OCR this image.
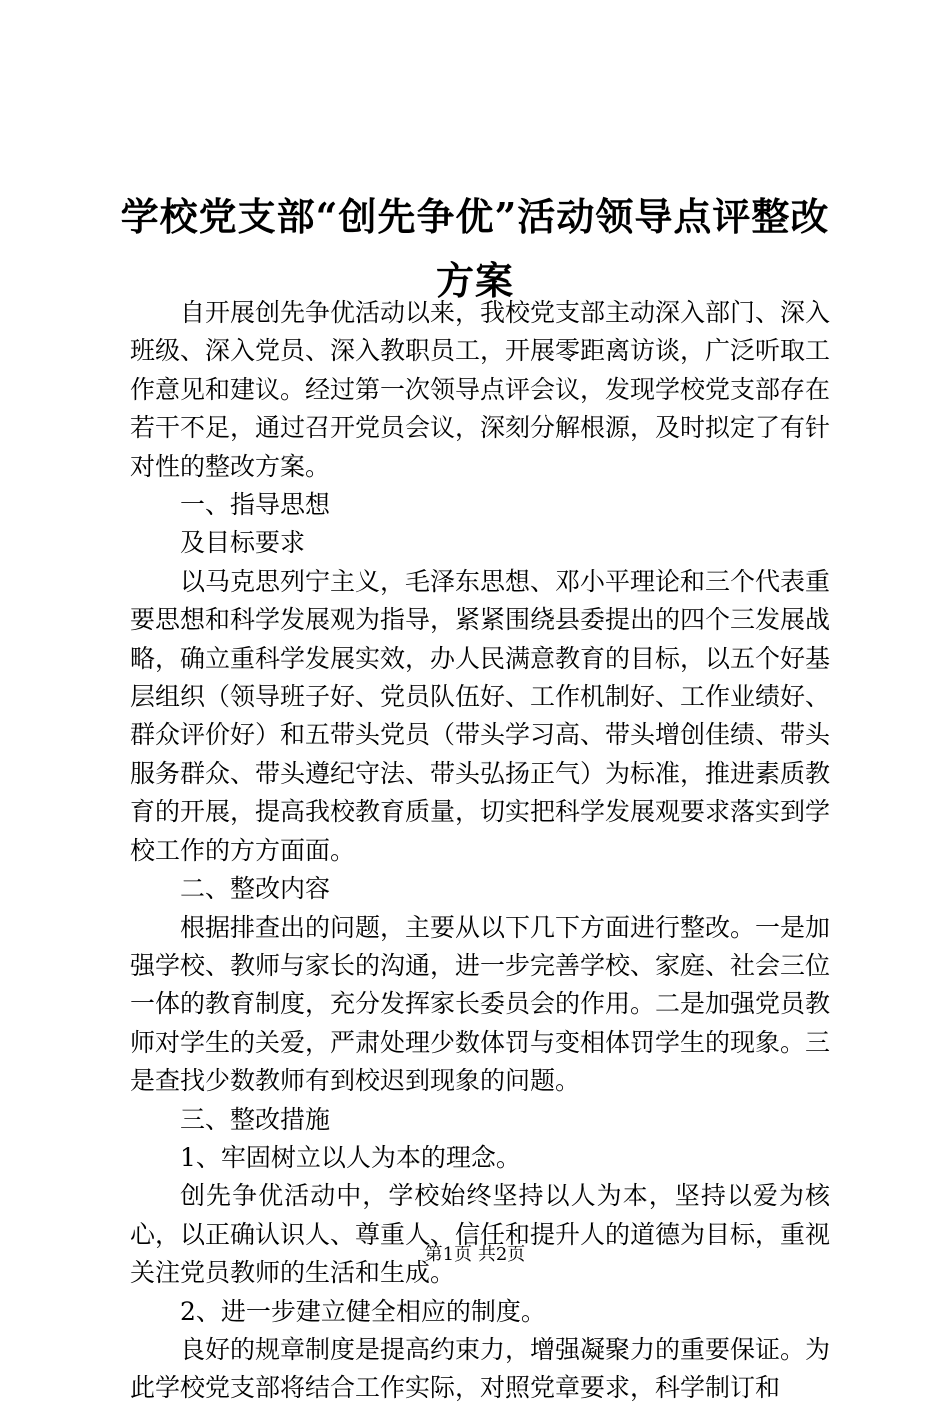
学校党支部“创先争优”活动领导点评整改方案

自开展创先争优活动以来，我校党支部主动深入部门、深入班级、深入党员、深入教职员工，开展零距离访谈，广泛听取工作意见和建议。经过第一次领导点评会议，发现学校党支部存在若干不足，通过召开党员会议，深刻分解根源，及时拟定了有针对性的整改方案。

一、指导思想

及目标要求

以马克思列宁主义，毛泽东思想、邓小平理论和三个代表重要思想和科学发展观为指导，紧紧围绕县委提出的四个三发展战略，确立重科学发展实效，办人民满意教育的目标，以五个好基层组织（领导班子好、党员队伍好、工作机制好、工作业绩好、群众评价好）和五带头党员（带头学习高、带头增创佳绩、带头服务群众、带头遵纪守法、带头弘扬正气）为标准，推进素质教育的开展，提高我校教育质量，切实把科学发展观要求落实到学校工作的方方面面。

二、整改内容

根据排查出的问题，主要从以下几下方面进行整改。一是加强学校、教师与家长的沟通，进一步完善学校、家庭、社会三位一体的教育制度，充分发挥家长委员会的作用。二是加强党员教师对学生的关爱，严肃处理少数体罚与变相体罚学生的现象。三是查找少数教师有到校迟到现象的问题。

三、整改措施

1、牢固树立以人为本的理念。

创先争优活动中，学校始终坚持以人为本，坚持以爱为核心，以正确认识人、尊重人、信任和提升人的道德为目标，重视关注党员教师的生活和生成。

2、进一步建立健全相应的制度。

良好的规章制度是提高约束力，增强凝聚力的重要保证。为此学校党支部将结合工作实际，对照党章要求，科学制订和

第1页 共2页
